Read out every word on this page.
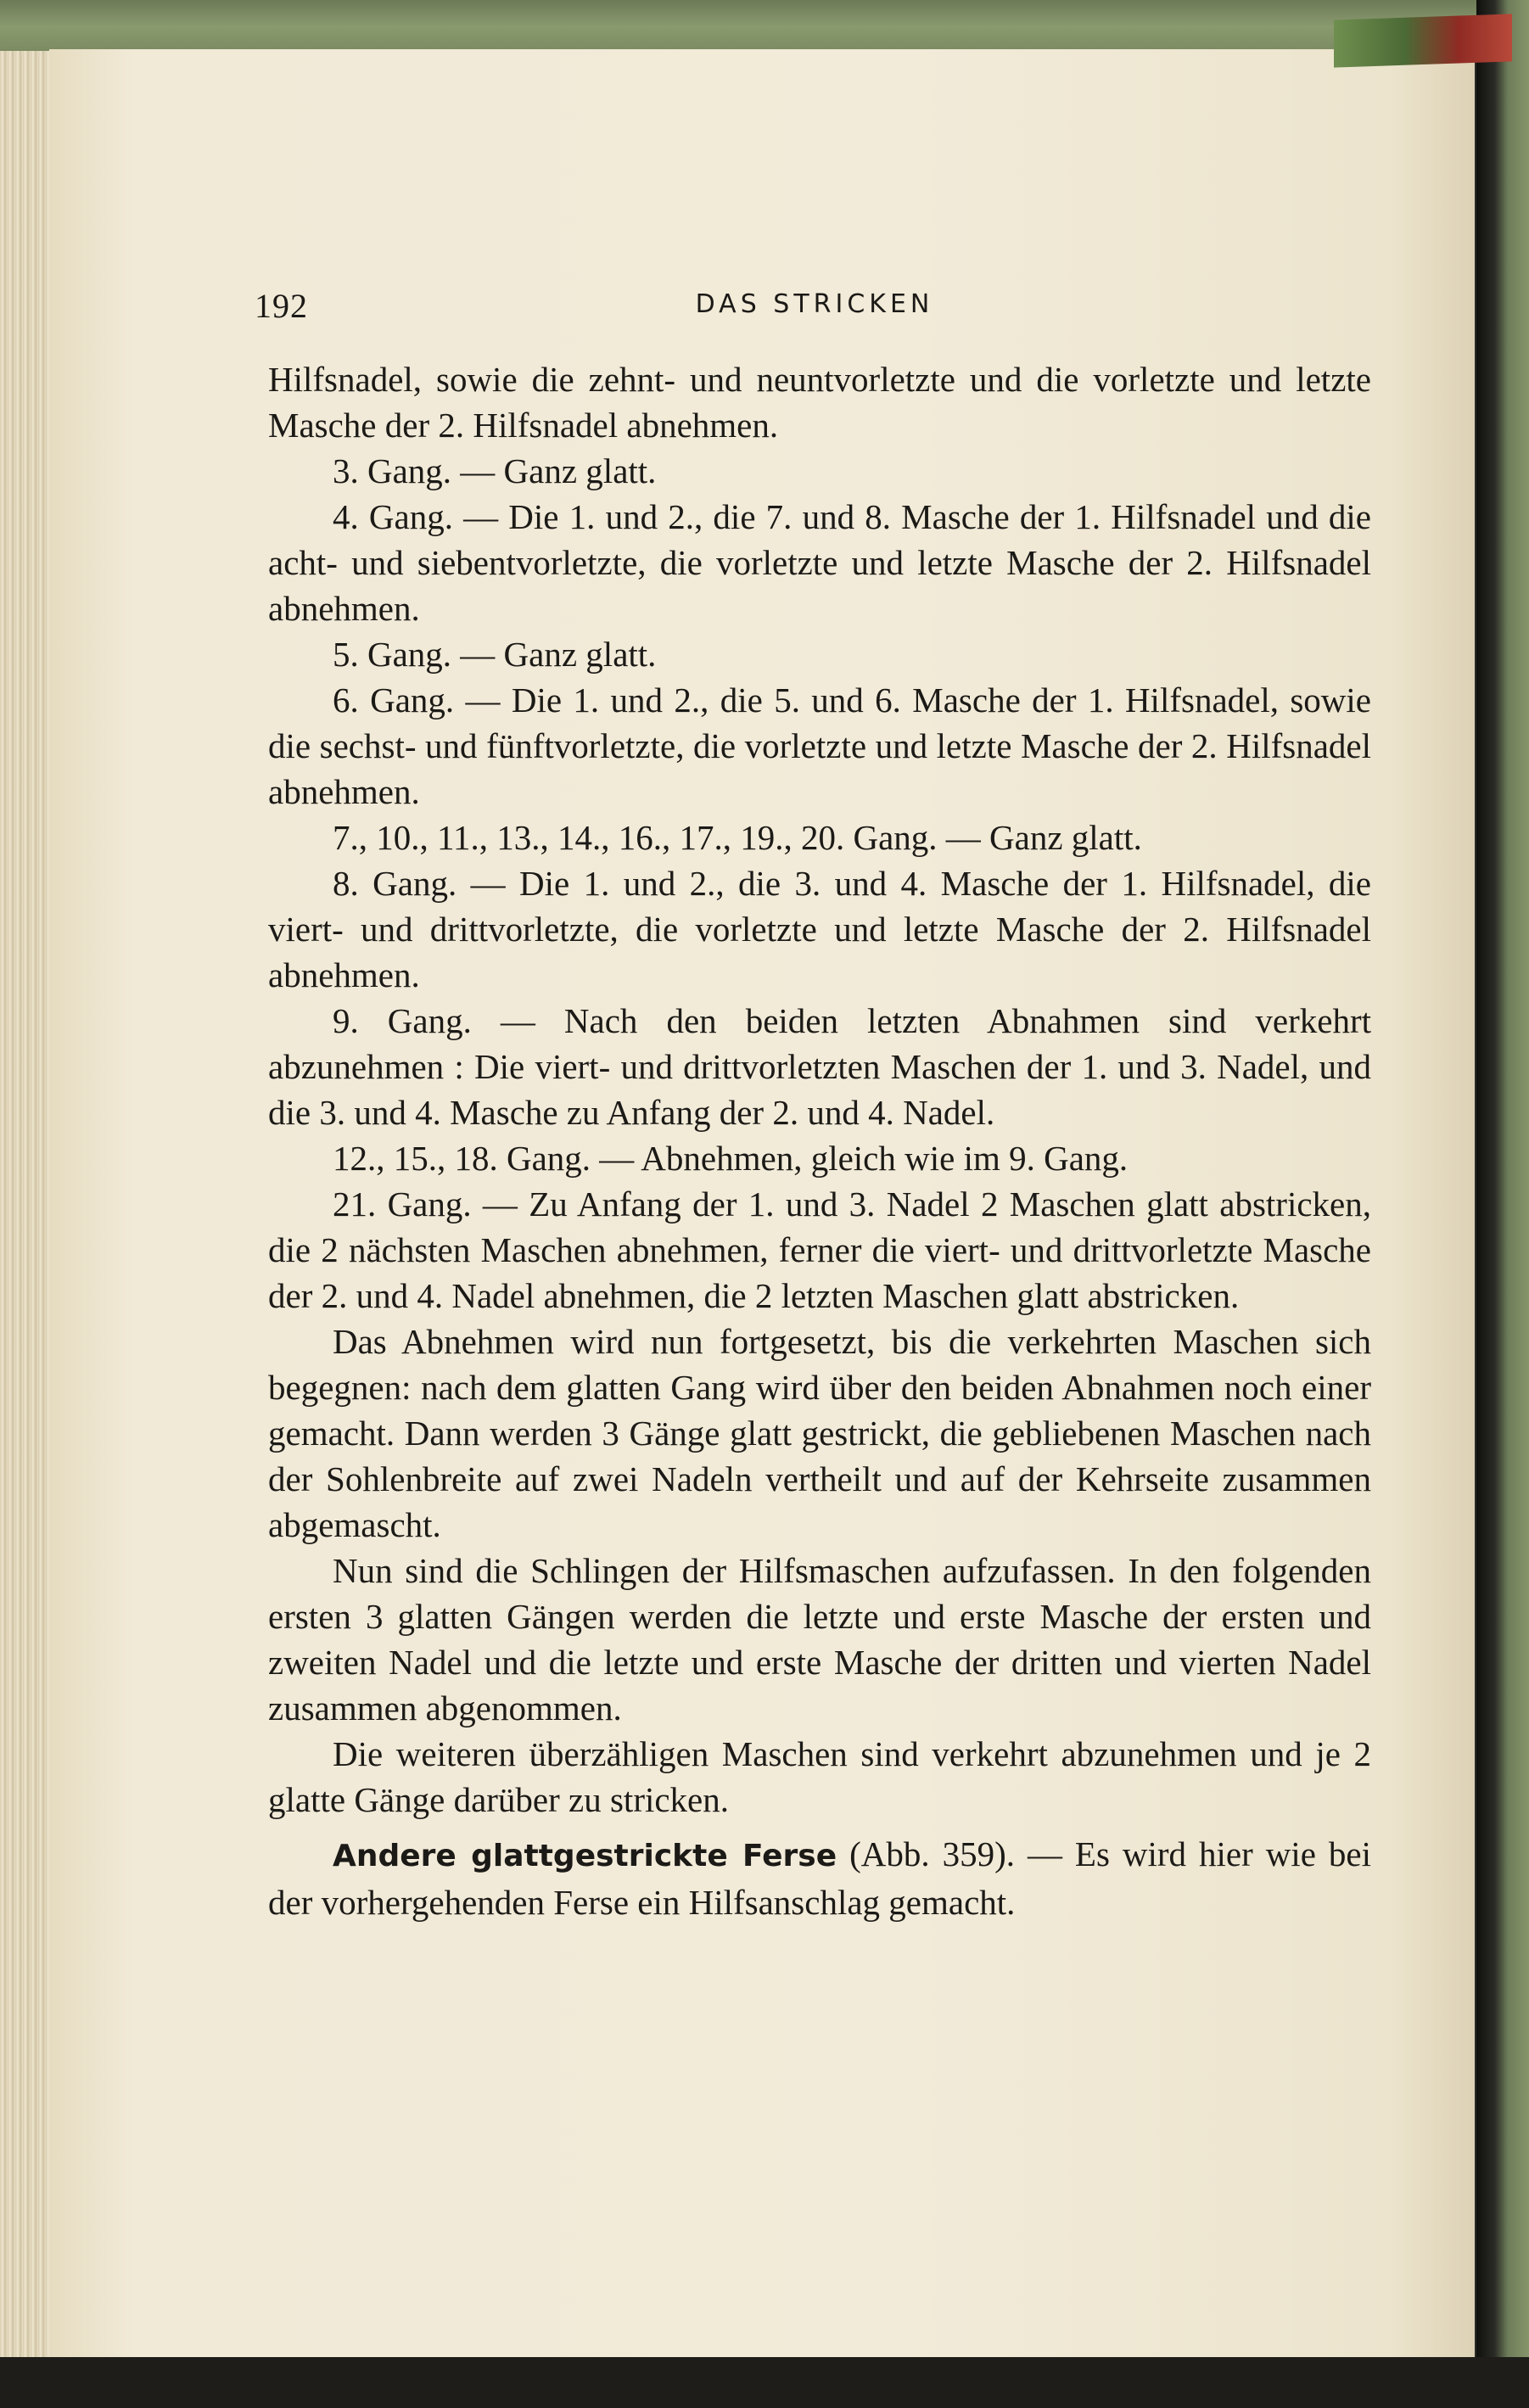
192	DAS STRICKEN

Hilfsnadel, sowie die zehnt- und neuntvorletzte und die vorletzte und letzte Masche der 2. Hilfsnadel abnehmen.

3. Gang. — Ganz glatt.

4. Gang. — Die 1. und 2., die 7. und 8. Masche der 1. Hilfsnadel und die acht- und siebentvorletzte, die vorletzte und letzte Masche der 2. Hilfsnadel abnehmen.

5. Gang. — Ganz glatt.

6. Gang. — Die 1. und 2., die 5. und 6. Masche der 1. Hilfsnadel, sowie die sechst- und fünftvorletzte, die vorletzte und letzte Masche der 2. Hilfsnadel abnehmen.

7., 10., 11., 13., 14., 16., 17., 19., 20. Gang. — Ganz glatt.

8. Gang. — Die 1. und 2., die 3. und 4. Masche der 1. Hilfsnadel, die viert- und drittvorletzte, die vorletzte und letzte Masche der 2. Hilfsnadel abnehmen.

9. Gang. — Nach den beiden letzten Abnahmen sind verkehrt abzunehmen : Die viert- und drittvorletzten Maschen der 1. und 3. Nadel, und die 3. und 4. Masche zu Anfang der 2. und 4. Nadel.

12., 15., 18. Gang. — Abnehmen, gleich wie im 9. Gang.

21. Gang. — Zu Anfang der 1. und 3. Nadel 2 Maschen glatt abstricken, die 2 nächsten Maschen abnehmen, ferner die viert- und drittvorletzte Masche der 2. und 4. Nadel abnehmen, die 2 letzten Maschen glatt abstricken.

Das Abnehmen wird nun fortgesetzt, bis die verkehrten Maschen sich begegnen: nach dem glatten Gang wird über den beiden Abnahmen noch einer gemacht. Dann werden 3 Gänge glatt gestrickt, die gebliebenen Maschen nach der Sohlenbreite auf zwei Nadeln vertheilt und auf der Kehrseite zusammen abgemascht.

Nun sind die Schlingen der Hilfsmaschen aufzufassen. In den folgenden ersten 3 glatten Gängen werden die letzte und erste Masche der ersten und zweiten Nadel und die letzte und erste Masche der dritten und vierten Nadel zusammen abgenommen.

Die weiteren überzähligen Maschen sind verkehrt abzunehmen und je 2 glatte Gänge darüber zu stricken.

Andere glattgestrickte Ferse (Abb. 359). — Es wird hier wie bei der vorhergehenden Ferse ein Hilfsanschlag gemacht.
